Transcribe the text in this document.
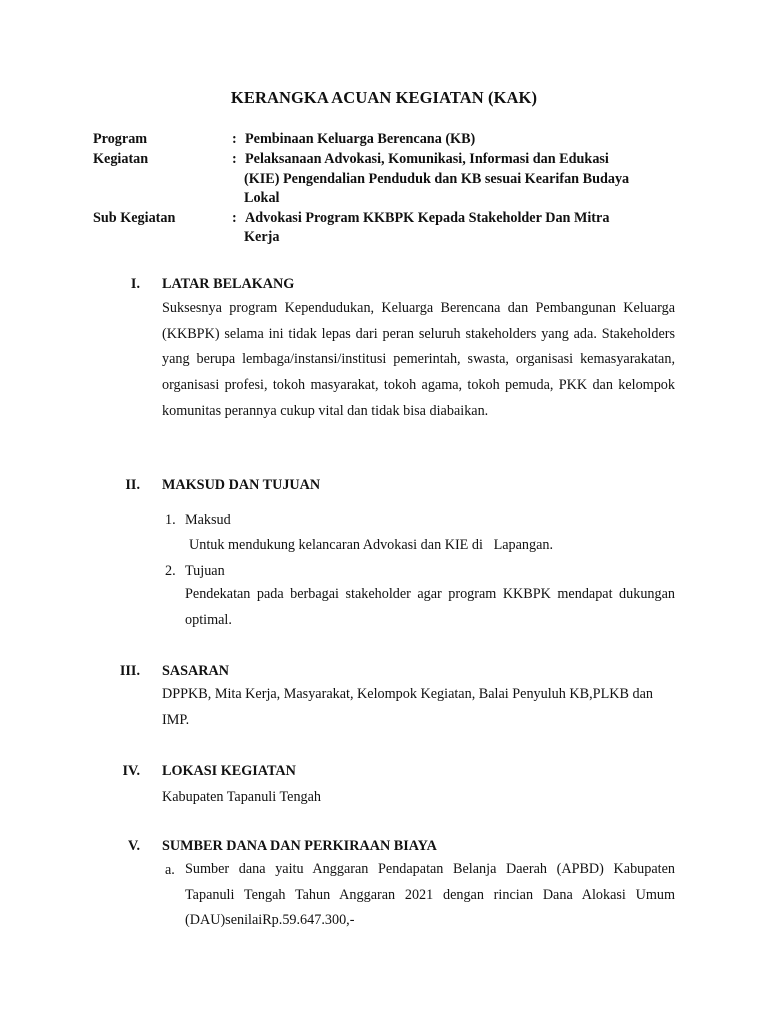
KERANGKA ACUAN KEGIATAN (KAK)
Program	: Pembinaan Keluarga Berencana (KB)
Kegiatan	: Pelaksanaan Advokasi, Komunikasi, Informasi dan Edukasi
(KIE) Pengendalian Penduduk dan KB sesuai Kearifan Budaya
Lokal
Sub Kegiatan	: Advokasi Program KKBPK Kepada Stakeholder Dan Mitra
Kerja
I. LATAR BELAKANG
Suksesnya program Kependudukan, Keluarga Berencana dan Pembangunan Keluarga (KKBPK) selama ini tidak lepas dari peran seluruh stakeholders yang ada. Stakeholders yang berupa lembaga/instansi/institusi pemerintah, swasta, organisasi kemasyarakatan, organisasi profesi, tokoh masyarakat, tokoh agama, tokoh pemuda, PKK dan kelompok komunitas perannya cukup vital dan tidak bisa diabaikan.
II. MAKSUD DAN TUJUAN
1. Maksud
Untuk mendukung kelancaran Advokasi dan KIE di   Lapangan.
2. Tujuan
Pendekatan pada berbagai stakeholder agar program KKBPK mendapat dukungan optimal.
III. SASARAN
DPPKB, Mita Kerja, Masyarakat, Kelompok Kegiatan, Balai Penyuluh KB,PLKB dan IMP.
IV. LOKASI KEGIATAN
Kabupaten Tapanuli Tengah
V. SUMBER DANA DAN PERKIRAAN BIAYA
a. Sumber dana yaitu Anggaran Pendapatan Belanja Daerah (APBD) Kabupaten Tapanuli Tengah Tahun Anggaran 2021 dengan rincian Dana Alokasi Umum (DAU)senilaiRp.59.647.300,-
